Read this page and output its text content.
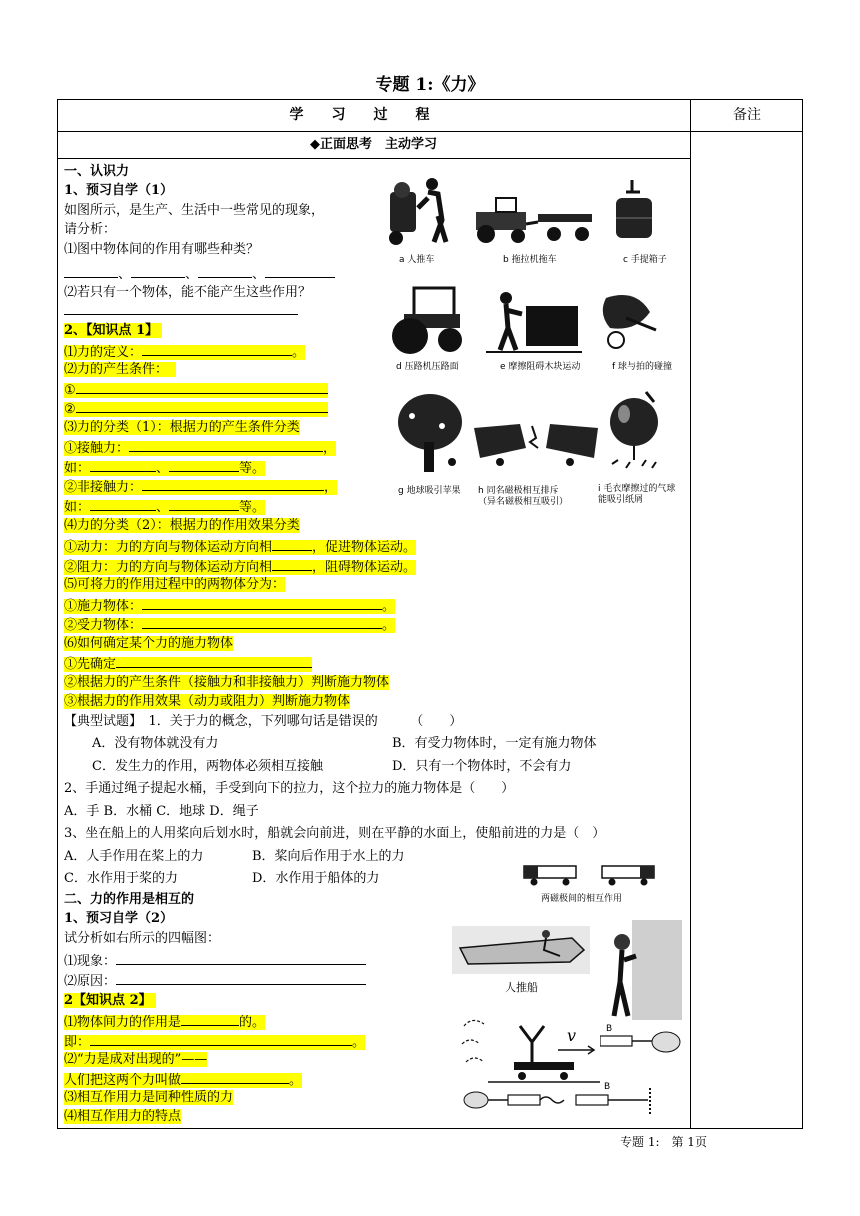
专题 1:《力》
学习过程	备注
◆正面思考　主动学习
一、认识力
1、预习自学（1）
如图所示，是生产、生活中一些常见的现象，
请分析：
⑴图中物体间的作用有哪些种类？
、	、	、
⑵若只有一个物体，能不能产生这些作用？
2、【知识点 1】
⑴力的定义：	。
⑵力的产生条件：
①
②
⑶力的分类（1）：根据力的产生条件分类
①接触力：	，
如：	、	等。
②非接触力：	，
如：	、	等。
⑷力的分类（2）：根据力的作用效果分类
①动力：力的方向与物体运动方向相	，促进物体运动。
②阻力：力的方向与物体运动方向相	，阻碍物体运动。
⑸可将力的作用过程中的两物体分为：
①施力物体：	。
②受力物体：	。
⑹如何确定某个力的施力物体
①先确定
②根据力的产生条件（接触力和非接触力）判断施力物体
③根据力的作用效果（动力或阻力）判断施力物体
【典型试题】　1．关于力的概念，下列哪句话是错误的　　　（　　）
A．没有物体就没有力	B．有受力物体时，一定有施力物体
C．发生力的作用，两物体必须相互接触	D．只有一个物体时，不会有力
2、手通过绳子提起水桶，手受到向下的拉力，这个拉力的施力物体是（　　）
A．手 B．水桶 C．地球 D．绳子
3、坐在船上的人用桨向后划水时，船就会向前进，则在平静的水面上，使船前进的力是（　）
A．人手作用在桨上的力	B．桨向后作用于水上的力
C．水作用于桨的力	D．水作用于船体的力
二、力的作用是相互的
1、预习自学（2）
试分析如右所示的四幅图：
⑴现象：
⑵原因：
2【知识点 2】
⑴物体间力的作用是	的。
即：	。
⑵“力是成对出现的”——
人们把这两个力叫做	。
⑶相互作用力是同种性质的力
⑷相互作用力的特点
a 人推车	b 拖拉机拖车	c 手提箱子
d 压路机压路面	e 摩擦阻碍木块运动	f 球与拍的碰撞
g 地球吸引苹果 h 同名磁极相互排斥
（异名磁极相互吸引）
i 毛衣摩擦过的气球
能吸引纸屑
两磁极间的相互作用
人推船
v	B
B
专题 1:　第 1页
